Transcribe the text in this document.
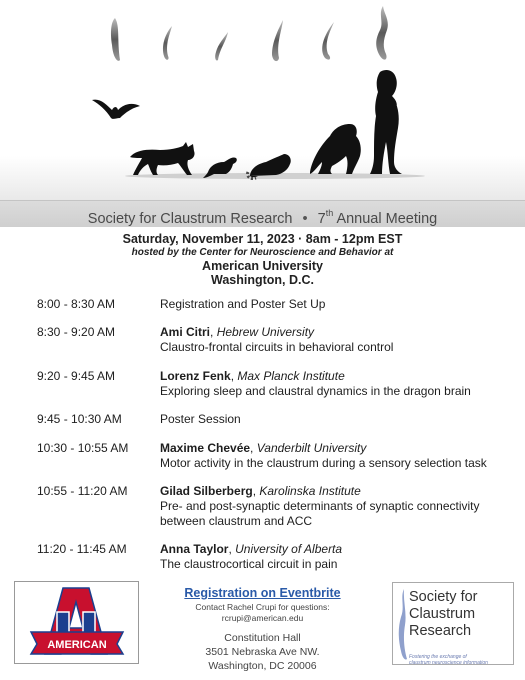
Society for Claustrum Research • 7th Annual Meeting
Saturday, November 11, 2023 · 8am - 12pm EST
hosted by the Center for Neuroscience and Behavior at
American University
Washington, D.C.
8:00 - 8:30 AM	Registration and Poster Set Up
8:30 - 9:20 AM	Ami Citri, Hebrew University
Claustro-frontal circuits in behavioral control
9:20 - 9:45 AM	Lorenz Fenk, Max Planck Institute
Exploring sleep and claustral dynamics in the dragon brain
9:45 - 10:30 AM	Poster Session
10:30 - 10:55 AM	Maxime Chevée, Vanderbilt University
Motor activity in the claustrum during a sensory selection task
10:55 - 11:20 AM	Gilad Silberberg, Karolinska Institute
Pre- and post-synaptic determinants of synaptic connectivity between claustrum and ACC
11:20 - 11:45 AM	Anna Taylor, University of Alberta
The claustrocortical circuit in pain
AMERICAN
Registration on Eventbrite
Contact Rachel Crupi for questions:
rcrupi@american.edu
Constitution Hall
3501 Nebraska Ave NW.
Washington, DC 20006
Society for
Claustrum
Research
Fostering the exchange of
claustrum neuroscience information
